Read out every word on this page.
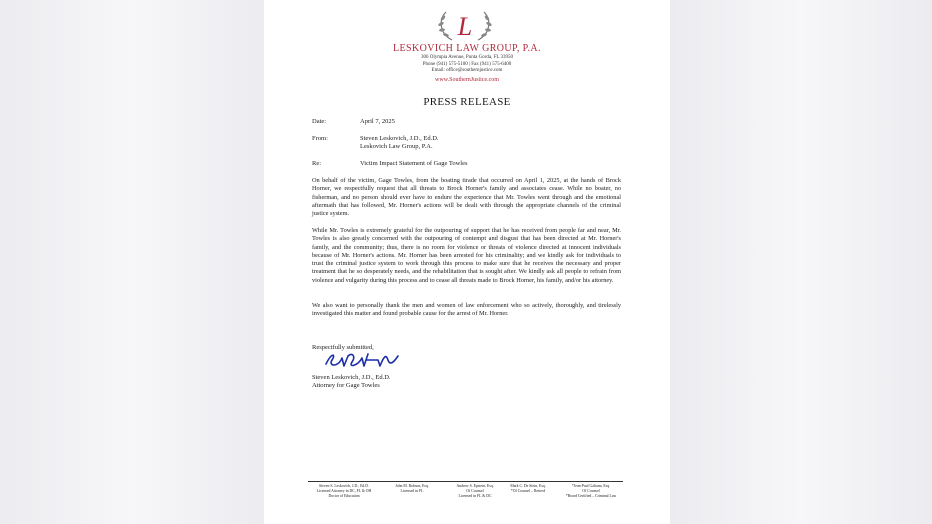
L
LESKOVICH LAW GROUP, P.A.
306 Olympia Avenue, Punta Gorda, FL 33950
Phone (941) 575-5100 | Fax (941) 575-6400
Email: office@southernjustice.com
www.SouthernJustice.com
PRESS RELEASE
Date:	April 7, 2025
From:	Steven Leskovich, J.D., Ed.D.
Leskovich Law Group, P.A.
Re:	Victim Impact Statement of Gage Towles
On behalf of the victim, Gage Towles, from the boating tirade that occurred on April 1, 2025, at the hands of Brock Horner, we respectfully request that all threats to Brock Horner's family and associates cease. While no boater, no fisherman, and no person should ever have to endure the experience that Mr. Towles went through and the emotional aftermath that has followed, Mr. Horner's actions will be dealt with through the appropriate channels of the criminal justice system.
While Mr. Towles is extremely grateful for the outpouring of support that he has received from people far and near, Mr. Towles is also greatly concerned with the outpouring of contempt and disgust that has been directed at Mr. Horner's family, and the community; thus, there is no room for violence or threats of violence directed at innocent individuals because of Mr. Horner's actions. Mr. Horner has been arrested for his criminality; and we kindly ask for individuals to trust the criminal justice system to work through this process to make sure that he receives the necessary and proper treatment that he so desperately needs, and the rehabilitation that is sought after. We kindly ask all people to refrain from violence and vulgarity during this process and to cease all threats made to Brock Horner, his family, and/or his attorney.
We also want to personally thank the men and women of law enforcement who so actively, thoroughly, and tirelessly investigated this matter and found probable cause for the arrest of Mr. Horner.
Respectfully submitted,
Steven Leskovich, J.D., Ed.D.
Attorney for Gage Towles
Steven S. Leskovich, J.D., Ed.D.
Licensed Attorney in DC, FL & OH
Doctor of Education
John M. Robson, Esq.
Licensed in FL
Andrew S. Epstein, Esq.
Of Counsel
Licensed in FL & DC
Mark C. De Stein, Esq.
*Of Counsel – Retired
*Jean-Paul Galianu, Esq.
Of Counsel
*Board Certified – Criminal Law
